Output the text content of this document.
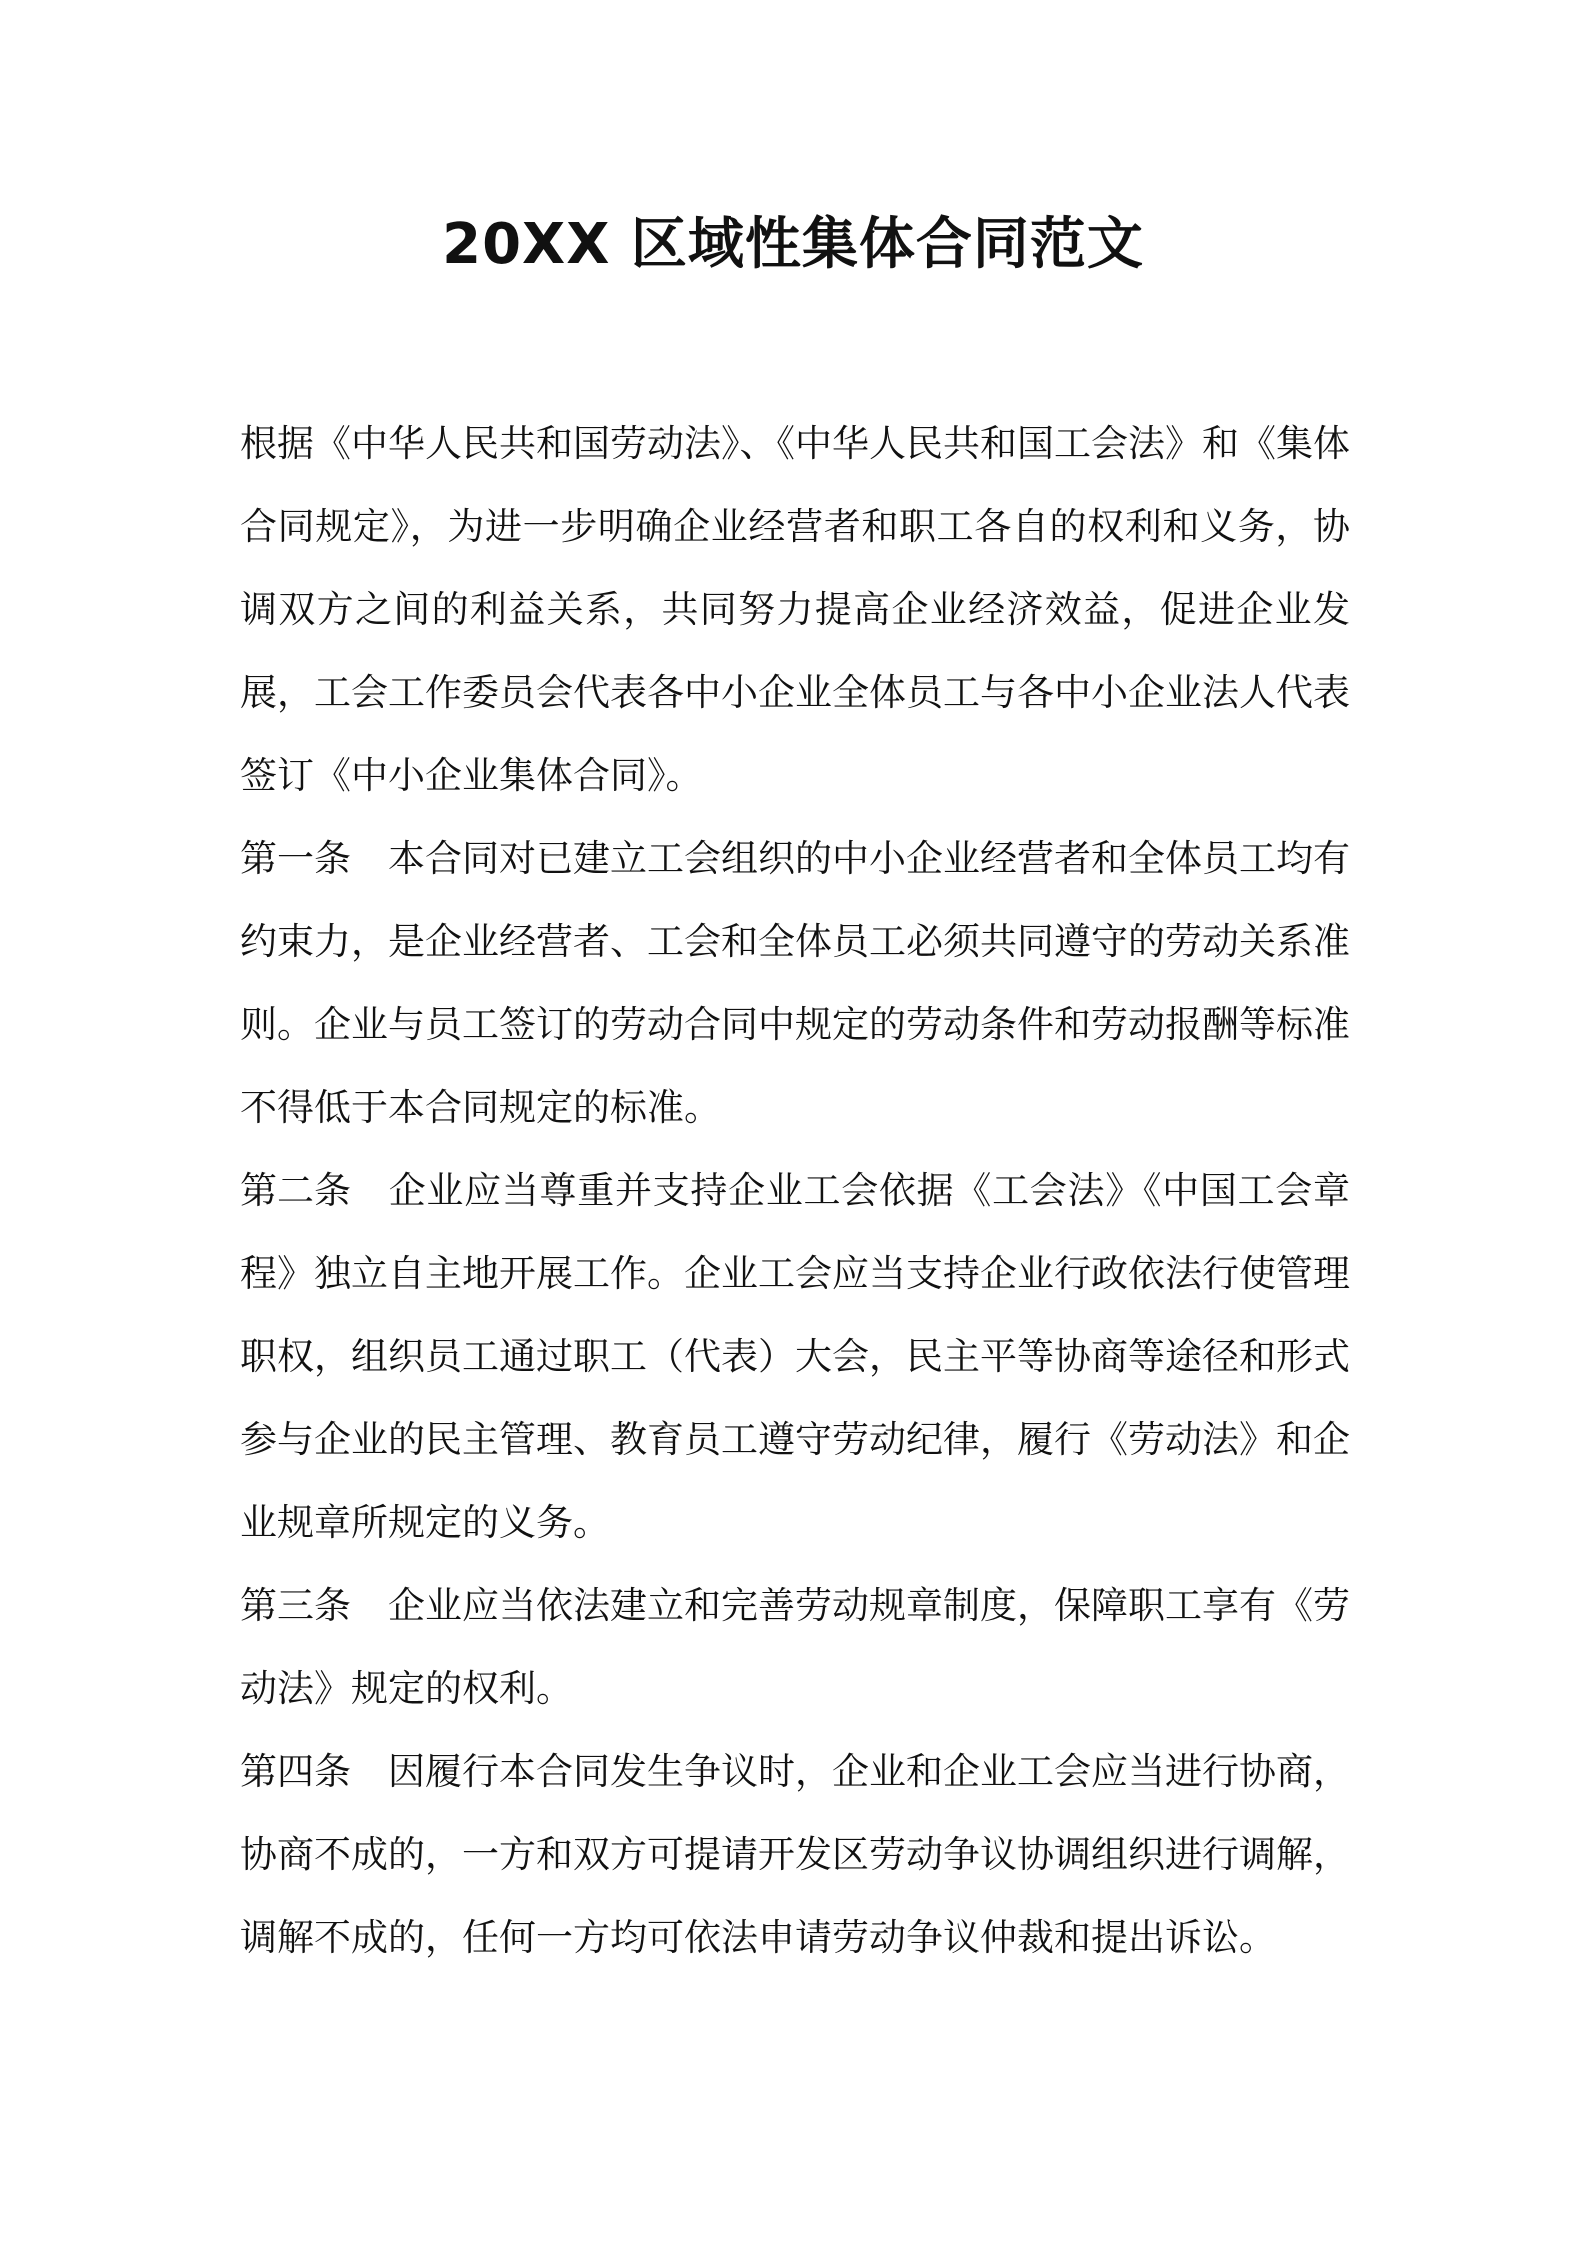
20XX 区域性集体合同范文

根据《中华人民共和国劳动法》、《中华人民共和国工会法》和《集体合同规定》，为进一步明确企业经营者和职工各自的权利和义务，协调双方之间的利益关系，共同努力提高企业经济效益，促进企业发展，工会工作委员会代表各中小企业全体员工与各中小企业法人代表签订《中小企业集体合同》。

第一条 本合同对已建立工会组织的中小企业经营者和全体员工均有约束力，是企业经营者、工会和全体员工必须共同遵守的劳动关系准则。企业与员工签订的劳动合同中规定的劳动条件和劳动报酬等标准不得低于本合同规定的标准。

第二条 企业应当尊重并支持企业工会依据《工会法》《中国工会章程》独立自主地开展工作。企业工会应当支持企业行政依法行使管理职权，组织员工通过职工（代表）大会，民主平等协商等途径和形式参与企业的民主管理、教育员工遵守劳动纪律，履行《劳动法》和企业规章所规定的义务。

第三条 企业应当依法建立和完善劳动规章制度，保障职工享有《劳动法》规定的权利。

第四条 因履行本合同发生争议时，企业和企业工会应当进行协商，协商不成的，一方和双方可提请开发区劳动争议协调组织进行调解，调解不成的，任何一方均可依法申请劳动争议仲裁和提出诉讼。
